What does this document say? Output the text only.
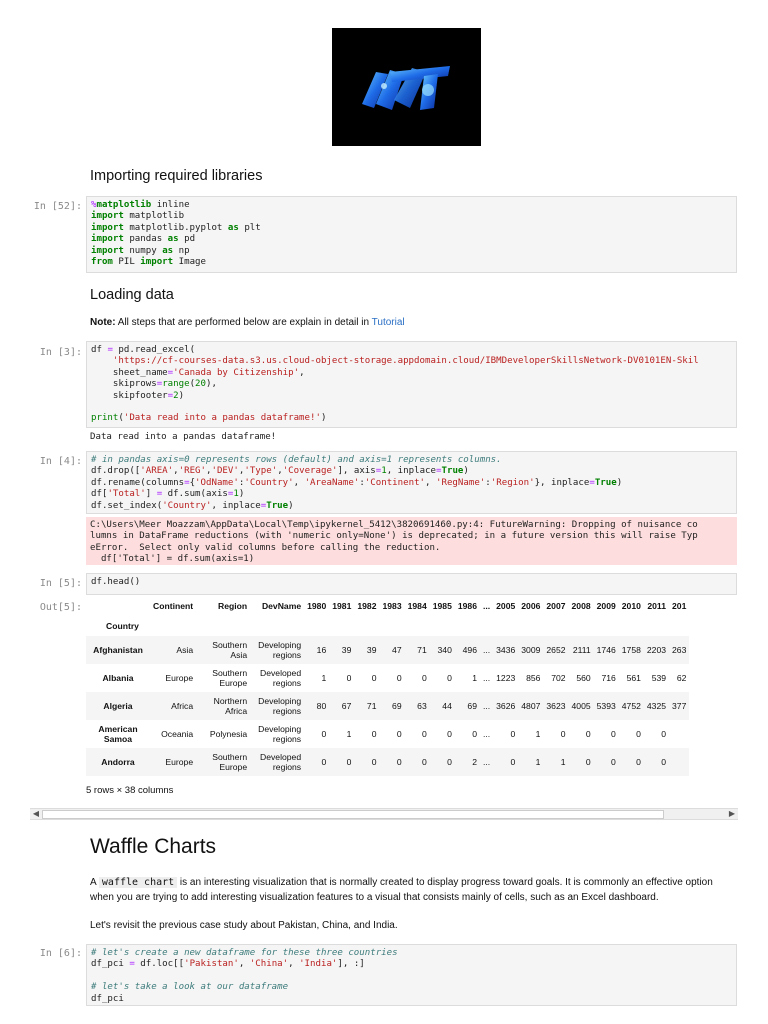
Importing required libraries
In [52]: %matplotlib inline
import matplotlib
import matplotlib.pyplot as plt
import pandas as pd
import numpy as np
from PIL import Image
Loading data
Note: All steps that are performed below are explain in detail in Tutorial
In [3]: df = pd.read_excel(
'https://cf-courses-data.s3.us.cloud-object-storage.appdomain.cloud/IBMDeveloperSkillsNetwork-DV0101EN-Skil
sheet_name='Canada by Citizenship',
skiprows=range(20),
skipfooter=2)

print('Data read into a pandas dataframe!')
Data read into a pandas dataframe!
In [4]: # in pandas axis=0 represents rows (default) and axis=1 represents columns.
df.drop(['AREA','REG','DEV','Type','Coverage'], axis=1, inplace=True)
df.rename(columns={'OdName':'Country', 'AreaName':'Continent', 'RegName':'Region'}, inplace=True)
df['Total'] = df.sum(axis=1)
df.set_index('Country', inplace=True)
C:\Users\Meer Moazzam\AppData\Local\Temp\ipykernel_5412\3820691460.py:4: FutureWarning: Dropping of nuisance co
lumns in DataFrame reductions (with 'numeric only=None') is deprecated; in a future version this will raise Typ
eError.  Select only valid columns before calling the reduction.
df['Total'] = df.sum(axis=1)
In [5]: df.head()
Out[5]:
		Continent	Region	DevName	1980	1981	1982	1983	1984	1985	1986	...	2005	2006	2007	2008	2009	2010	2011	201
Country																			
Afghanistan	Asia	Southern Asia	Developing regions	16	39	39	47	71	340	496	...	3436	3009	2652	2111	1746	1758	2203	263
Albania	Europe	Southern Europe	Developed regions	1	0	0	0	0	0	1	...	1223	856	702	560	716	561	539	62
Algeria	Africa	Northern Africa	Developing regions	80	67	71	69	63	44	69	...	3626	4807	3623	4005	5393	4752	4325	377
American Samoa	Oceania	Polynesia	Developing regions	0	1	0	0	0	0	0	...	0	1	0	0	0	0	0	
Andorra	Europe	Southern Europe	Developed regions	0	0	0	0	0	0	2	...	0	1	1	0	0	0	0	
5 rows × 38 columns
◀	▶
Waffle Charts
A waffle chart is an interesting visualization that is normally created to display progress toward goals. It is commonly an effective option when you are trying to add interesting visualization features to a visual that consists mainly of cells, such as an Excel dashboard.
Let's revisit the previous case study about Pakistan, China, and India.
In [6]: # let's create a new dataframe for these three countries
df_pci = df.loc[['Pakistan', 'China', 'India'], :]

# let's take a look at our dataframe
df_pci
